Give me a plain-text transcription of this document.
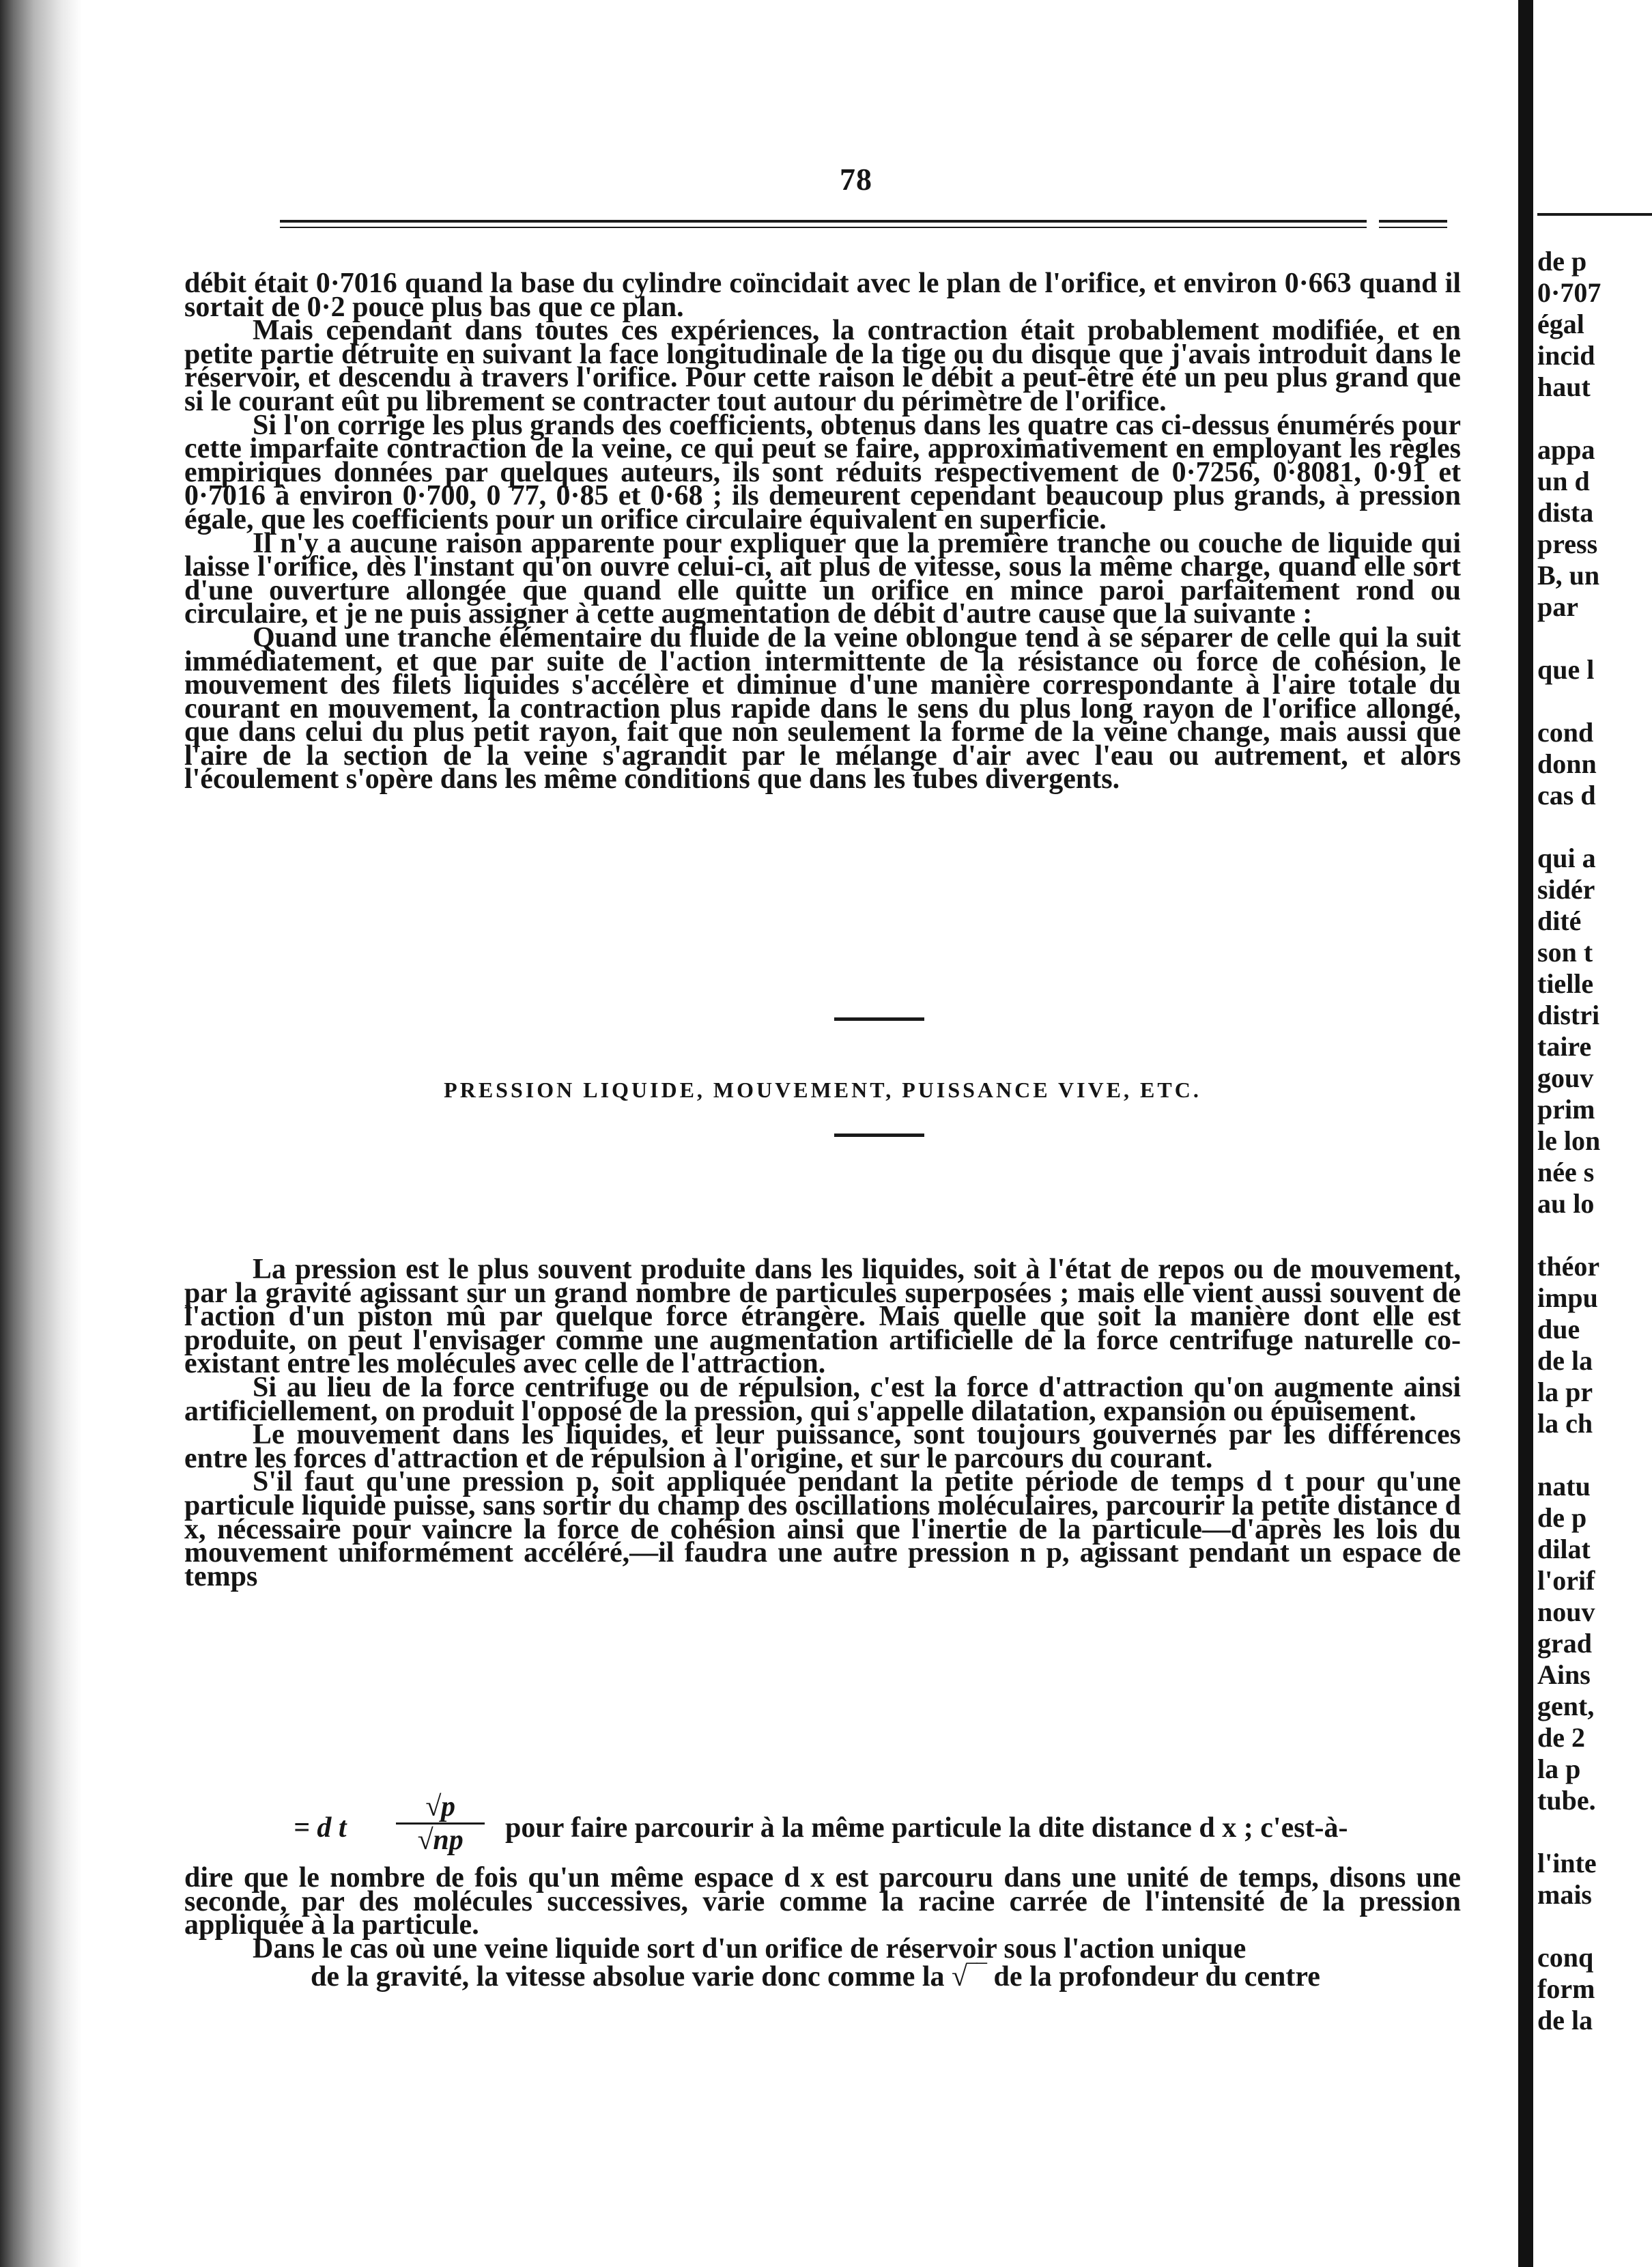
78

débit était 0·7016 quand la base du cylindre coïncidait avec le plan de l'orifice, et environ 0·663 quand il sortait de 0·2 pouce plus bas que ce plan.

Mais cependant dans toutes ces expériences, la contraction était probablement modifiée, et en petite partie détruite en suivant la face longitudinale de la tige ou du disque que j'avais introduit dans le réservoir, et descendu à travers l'orifice. Pour cette raison le débit a peut-être été un peu plus grand que si le courant eût pu librement se contracter tout autour du périmètre de l'orifice.

Si l'on corrige les plus grands des coefficients, obtenus dans les quatre cas ci-dessus énumérés pour cette imparfaite contraction de la veine, ce qui peut se faire, approximativement en employant les règles empiriques données par quelques auteurs, ils sont réduits respectivement de 0·7256, 0·8081, 0·91 et 0·7016 à environ 0·700, 0 77, 0·85 et 0·68 ; ils demeurent cependant beaucoup plus grands, à pression égale, que les coefficients pour un orifice circulaire équivalent en superficie.

Il n'y a aucune raison apparente pour expliquer que la première tranche ou couche de liquide qui laisse l'orifice, dès l'instant qu'on ouvre celui-ci, ait plus de vitesse, sous la même charge, quand elle sort d'une ouverture allongée que quand elle quitte un orifice en mince paroi parfaitement rond ou circulaire, et je ne puis assigner à cette augmentation de débit d'autre cause que la suivante :

Quand une tranche élémentaire du fluide de la veine oblongue tend à se séparer de celle qui la suit immédiatement, et que par suite de l'action intermittente de la résistance ou force de cohésion, le mouvement des filets liquides s'accélère et diminue d'une manière correspondante à l'aire totale du courant en mouvement, la contraction plus rapide dans le sens du plus long rayon de l'orifice allongé, que dans celui du plus petit rayon, fait que non seulement la forme de la veine change, mais aussi que l'aire de la section de la veine s'agrandit par le mélange d'air avec l'eau ou autrement, et alors l'écoulement s'opère dans les même conditions que dans les tubes divergents.

PRESSION LIQUIDE, MOUVEMENT, PUISSANCE VIVE, ETC.

La pression est le plus souvent produite dans les liquides, soit à l'état de repos ou de mouvement, par la gravité agissant sur un grand nombre de particules superposées ; mais elle vient aussi souvent de l'action d'un piston mû par quelque force étrangère. Mais quelle que soit la manière dont elle est produite, on peut l'envisager comme une augmentation artificielle de la force centrifuge naturelle co-existant entre les molécules avec celle de l'attraction.

Si au lieu de la force centrifuge ou de répulsion, c'est la force d'attraction qu'on augmente ainsi artificiellement, on produit l'opposé de la pression, qui s'appelle dilatation, expansion ou épuisement.

Le mouvement dans les liquides, et leur puissance, sont toujours gouvernés par les différences entre les forces d'attraction et de répulsion à l'origine, et sur le parcours du courant.

S'il faut qu'une pression p, soit appliquée pendant la petite période de temps d t pour qu'une particule liquide puisse, sans sortir du champ des oscillations moléculaires, parcourir la petite distance d x, nécessaire pour vaincre la force de cohésion ainsi que l'inertie de la particule—d'après les lois du mouvement uniformément accéléré,—il faudra une autre pression n p, agissant pendant un espace de temps

= d t $\frac{√p}{√np}$ pour faire parcourir à la même particule la dite distance d x ; c'est-à-

dire que le nombre de fois qu'un même espace d x est parcouru dans une unité de temps, disons une seconde, par des molécules successives, varie comme la racine carrée de l'intensité de la pression appliquée à la particule.

Dans le cas où une veine liquide sort d'un orifice de réservoir sous l'action unique

de la gravité, la vitesse absolue varie donc comme la √‾‾ de la profondeur du centre
de p
0·707
égal
incid
haut
appa
un d
dista
press
B, un
par
que l
cond
donn
cas d
qui a
sidér
dité
son t
tielle
distri
taire
gouv
prim
le lon
née s
au lo
théor
impu
due
de la
la pr
la ch
natu
de p
dilat
l'orif
nouv
grad
Ains
gent,
de 2
la p
tube.
l'inte
mais
conq
form
de la
